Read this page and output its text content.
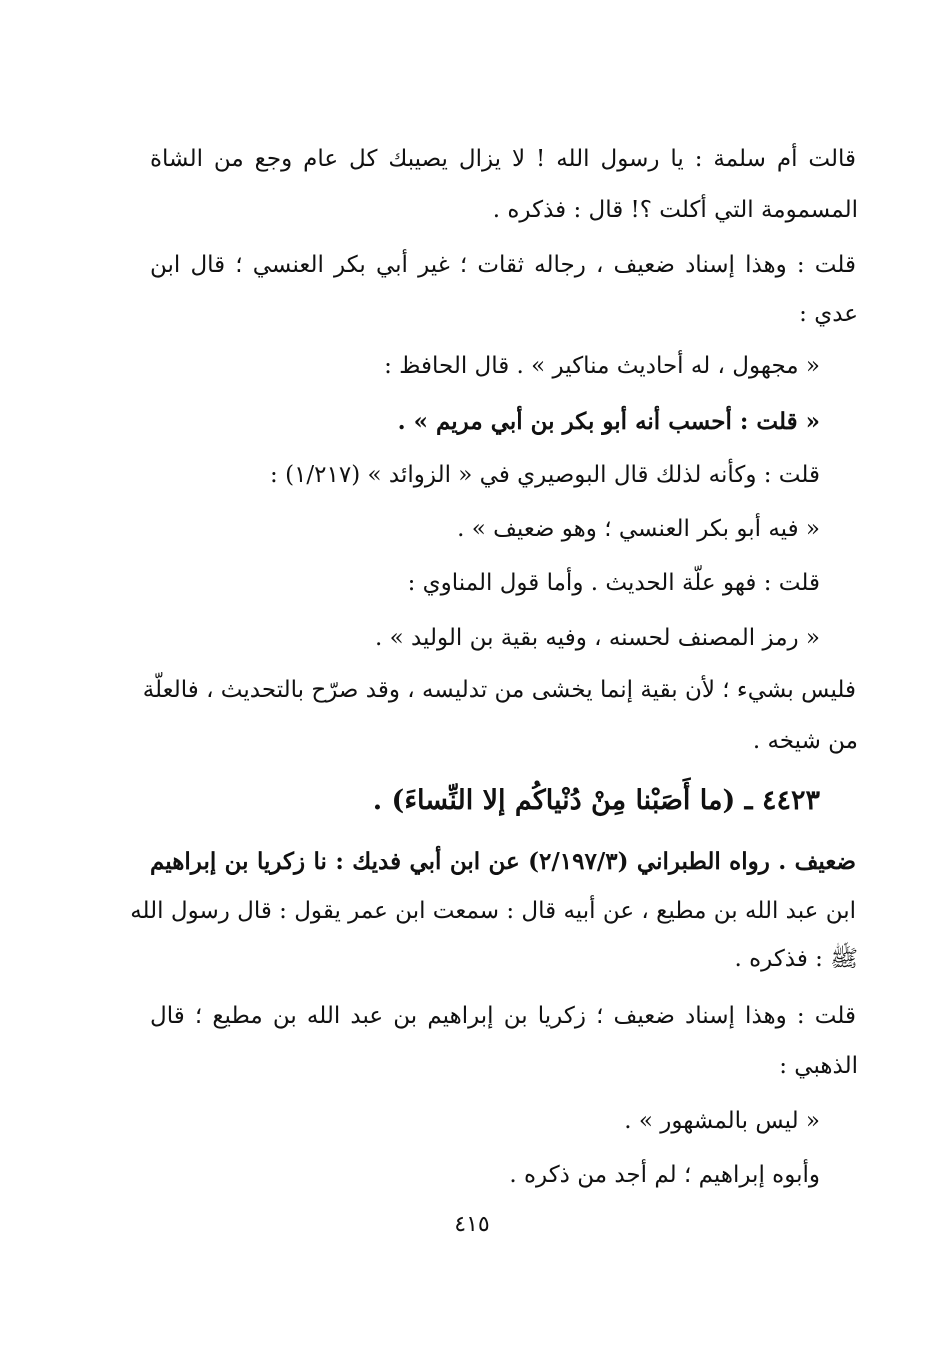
قالت أم سلمة : يا رسول الله ! لا يزال يصيبك كل عام وجع من الشاة

المسمومة التي أكلت ؟! قال : فذكره .

قلت : وهذا إسناد ضعيف ، رجاله ثقات ؛ غير أبي بكر العنسي ؛ قال ابن

عدي :

« مجهول ، له أحاديث مناكير » . قال الحافظ :

« قلت : أحسب أنه أبو بكر بن أبي مريم » .

قلت : وكأنه لذلك قال البوصيري في « الزوائد » (١/٢١٧) :

« فيه أبو بكر العنسي ؛ وهو ضعيف » .

قلت : فهو علّة الحديث . وأما قول المناوي :

« رمز المصنف لحسنه ، وفيه بقية بن الوليد » .

فليس بشيء ؛ لأن بقية إنما يخشى من تدليسه ، وقد صرّح بالتحديث ، فالعلّة

من شيخه .

٤٤٢٣ ـ (ما أَصَبْنا مِنْ دُنْياكُم إلا النِّساءَ) .

ضعيف . رواه الطبراني (٢/١٩٧/٣) عن ابن أبي فديك : نا زكريا بن إبراهيم

ابن عبد الله بن مطيع ، عن أبيه قال : سمعت ابن عمر يقول : قال رسول الله

ﷺ : فذكره .

قلت : وهذا إسناد ضعيف ؛ زكريا بن إبراهيم بن عبد الله بن مطيع ؛ قال

الذهبي :

« ليس بالمشهور » .

وأبوه إبراهيم ؛ لم أجد من ذكره .

٤١٥
